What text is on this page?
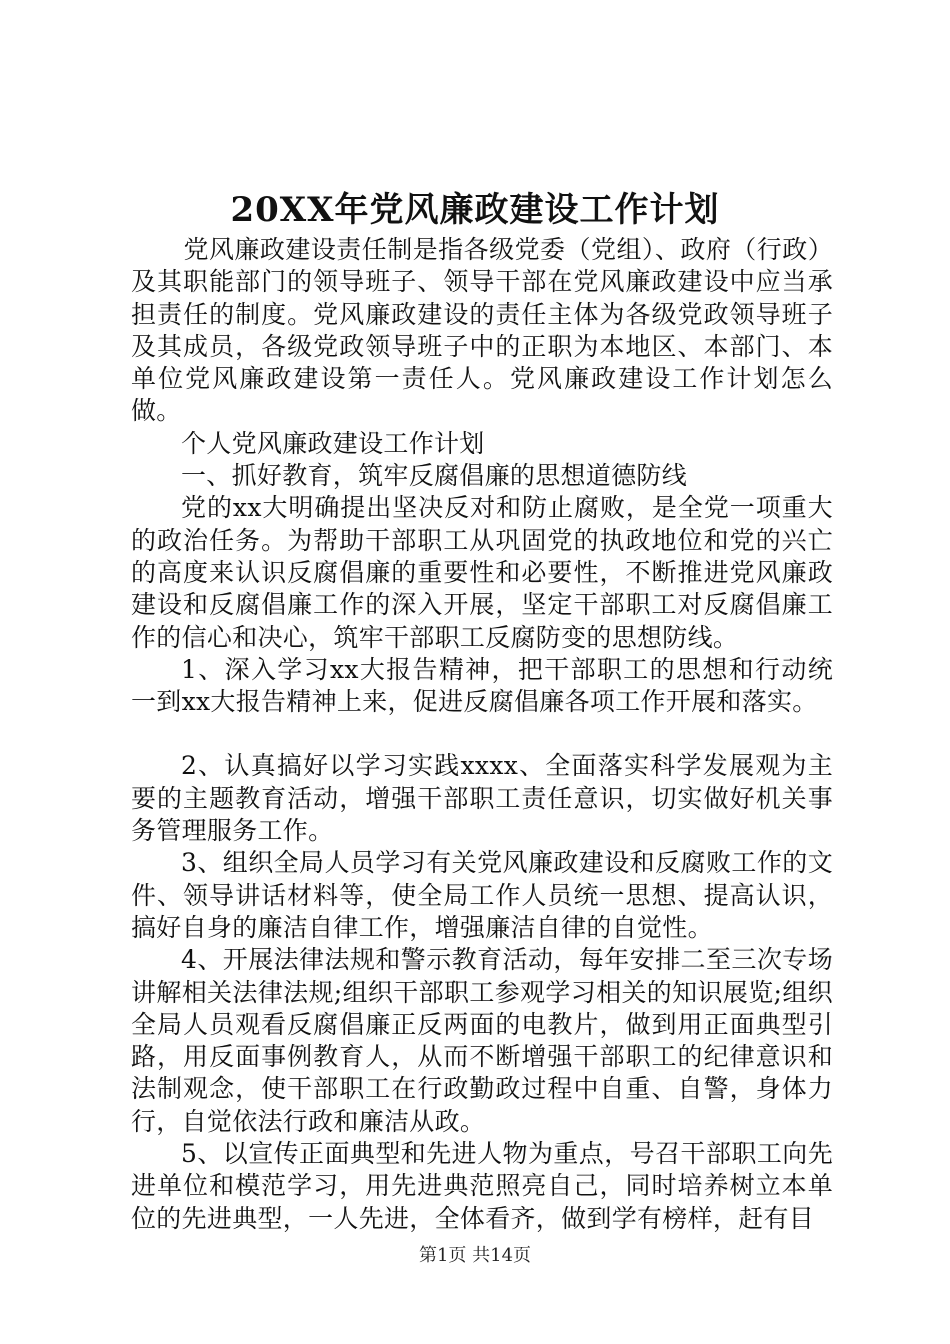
20XX年党风廉政建设工作计划

党风廉政建设责任制是指各级党委（党组）、政府（行政）及其职能部门的领导班子、领导干部在党风廉政建设中应当承担责任的制度。党风廉政建设的责任主体为各级党政领导班子及其成员，各级党政领导班子中的正职为本地区、本部门、本单位党风廉政建设第一责任人。党风廉政建设工作计划怎么做。

个人党风廉政建设工作计划

一、抓好教育，筑牢反腐倡廉的思想道德防线

党的xx大明确提出坚决反对和防止腐败，是全党一项重大的政治任务。为帮助干部职工从巩固党的执政地位和党的兴亡的高度来认识反腐倡廉的重要性和必要性，不断推进党风廉政建设和反腐倡廉工作的深入开展，坚定干部职工对反腐倡廉工作的信心和决心，筑牢干部职工反腐防变的思想防线。

1、深入学习xx大报告精神，把干部职工的思想和行动统一到xx大报告精神上来，促进反腐倡廉各项工作开展和落实。

2、认真搞好以学习实践xxxx、全面落实科学发展观为主要的主题教育活动，增强干部职工责任意识，切实做好机关事务管理服务工作。

3、组织全局人员学习有关党风廉政建设和反腐败工作的文件、领导讲话材料等，使全局工作人员统一思想、提高认识，搞好自身的廉洁自律工作，增强廉洁自律的自觉性。

4、开展法律法规和警示教育活动，每年安排二至三次专场讲解相关法律法规;组织干部职工参观学习相关的知识展览;组织全局人员观看反腐倡廉正反两面的电教片，做到用正面典型引路，用反面事例教育人，从而不断增强干部职工的纪律意识和法制观念，使干部职工在行政勤政过程中自重、自警，身体力行，自觉依法行政和廉洁从政。

5、以宣传正面典型和先进人物为重点，号召干部职工向先进单位和模范学习，用先进典范照亮自己，同时培养树立本单位的先进典型，一人先进，全体看齐，做到学有榜样，赶有目

第1页 共14页
